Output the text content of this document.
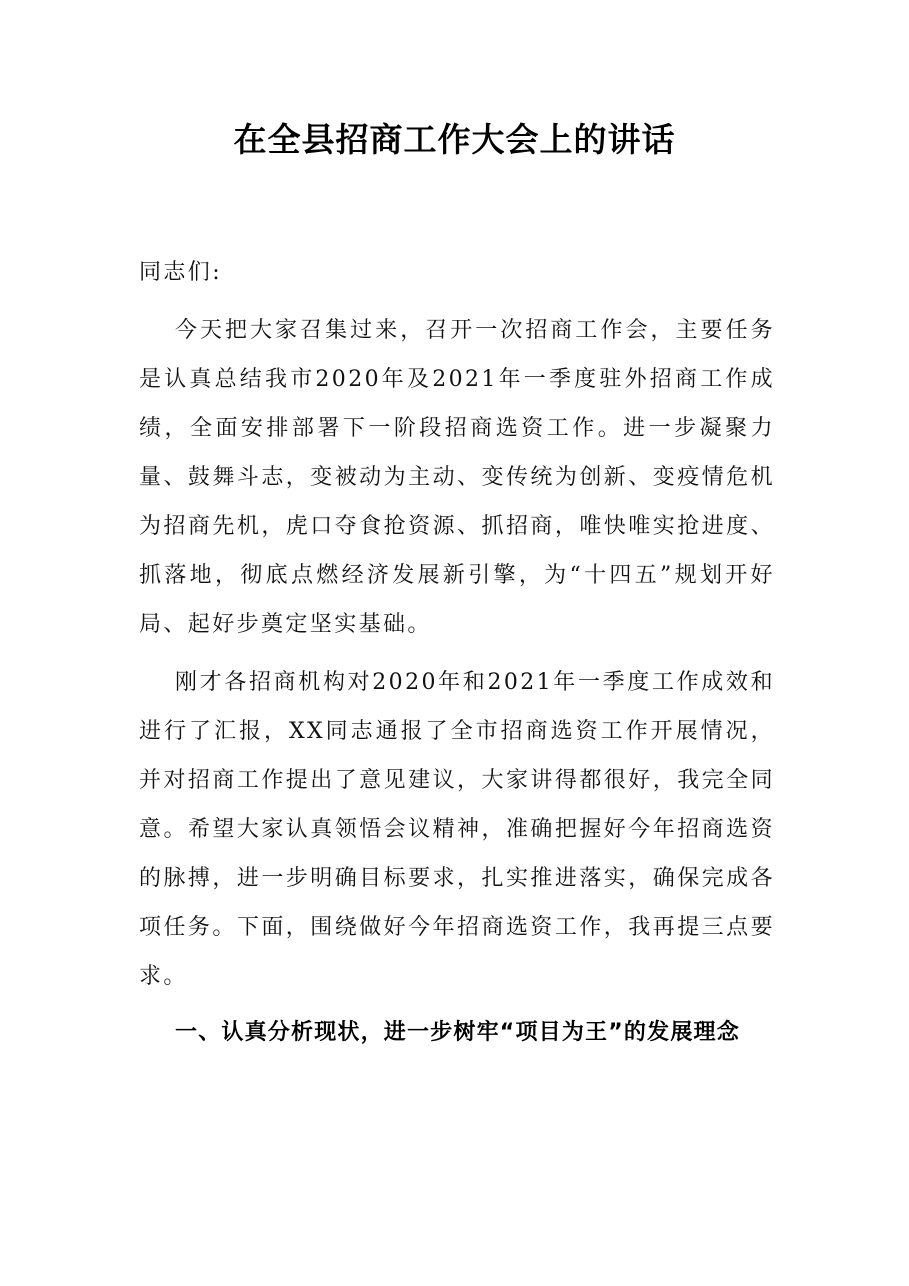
在全县招商工作大会上的讲话

同志们:

今天把大家召集过来，召开一次招商工作会，主要任务是认真总结我市2020年及2021年一季度驻外招商工作成绩，全面安排部署下一阶段招商选资工作。进一步凝聚力量、鼓舞斗志，变被动为主动、变传统为创新、变疫情危机为招商先机，虎口夺食抢资源、抓招商，唯快唯实抢进度、抓落地，彻底点燃经济发展新引擎，为“十四五”规划开好局、起好步奠定坚实基础。

刚才各招商机构对2020年和2021年一季度工作成效和进行了汇报，XX同志通报了全市招商选资工作开展情况，并对招商工作提出了意见建议，大家讲得都很好，我完全同意。希望大家认真领悟会议精神，准确把握好今年招商选资的脉搏，进一步明确目标要求，扎实推进落实，确保完成各项任务。下面，围绕做好今年招商选资工作，我再提三点要求。

一、认真分析现状，进一步树牢“项目为王”的发展理念
